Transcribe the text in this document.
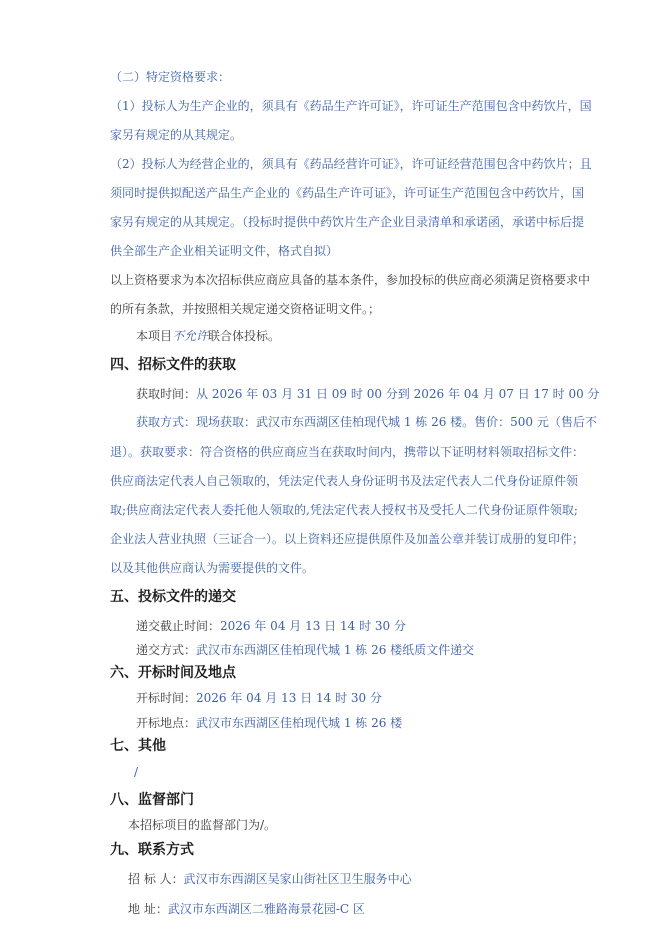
（二）特定资格要求：
（1）投标人为生产企业的，须具有《药品生产许可证》，许可证生产范围包含中药饮片，国
家另有规定的从其规定。
（2）投标人为经营企业的，须具有《药品经营许可证》，许可证经营范围包含中药饮片；且
须同时提供拟配送产品生产企业的《药品生产许可证》，许可证生产范围包含中药饮片，国
家另有规定的从其规定。（投标时提供中药饮片生产企业目录清单和承诺函，承诺中标后提
供全部生产企业相关证明文件，格式自拟）
以上资格要求为本次招标供应商应具备的基本条件，参加投标的供应商必须满足资格要求中
的所有条款，并按照相关规定递交资格证明文件。；
本项目不允许联合体投标。
四、招标文件的获取
获取时间：从 2026 年 03 月 31 日 09 时 00 分到 2026 年 04 月 07 日 17 时 00 分
获取方式：现场获取：武汉市东西湖区佳柏现代城 1 栋 26 楼。售价：500 元（售后不
退）。获取要求：符合资格的供应商应当在获取时间内，携带以下证明材料领取招标文件：
供应商法定代表人自己领取的，凭法定代表人身份证明书及法定代表人二代身份证原件领
取;供应商法定代表人委托他人领取的,凭法定代表人授权书及受托人二代身份证原件领取;
企业法人营业执照（三证合一）。以上资料还应提供原件及加盖公章并装订成册的复印件；
以及其他供应商认为需要提供的文件。
五、投标文件的递交
递交截止时间：2026 年 04 月 13 日 14 时 30 分
递交方式：武汉市东西湖区佳柏现代城 1 栋 26 楼纸质文件递交
六、开标时间及地点
开标时间：2026 年 04 月 13 日 14 时 30 分
开标地点：武汉市东西湖区佳柏现代城 1 栋 26 楼
七、其他
/
八、监督部门
本招标项目的监督部门为/。
九、联系方式
招 标 人：武汉市东西湖区吴家山街社区卫生服务中心
地 址：武汉市东西湖区二雅路海景花园-C 区
